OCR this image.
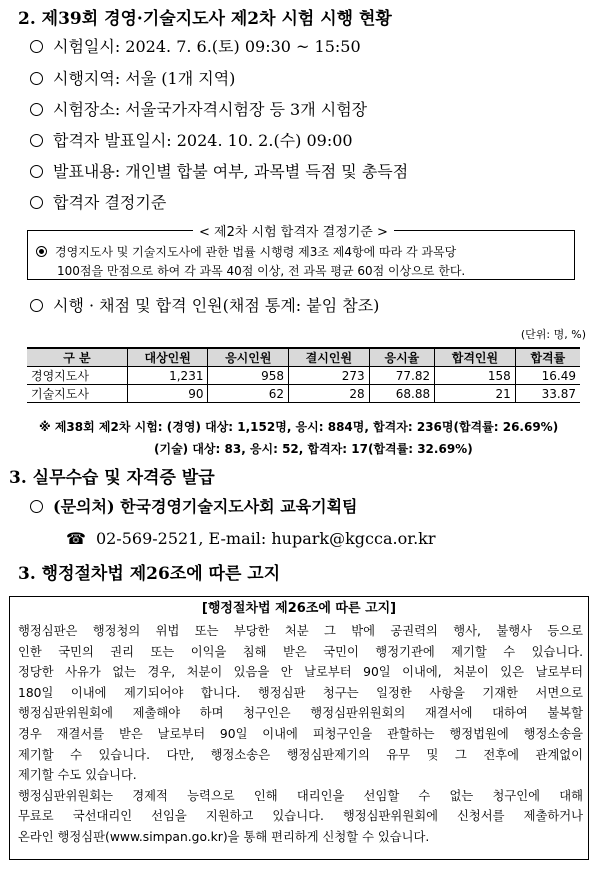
2. 제39회 경영·기술지도사 제2차 시험 시행 현황
시험일시: 2024. 7. 6.(토) 09:30 ~ 15:50
시행지역: 서울 (1개 지역)
시험장소: 서울국가자격시험장 등 3개 시험장
합격자 발표일시: 2024. 10. 2.(수) 09:00
발표내용: 개인별 합불 여부, 과목별 득점 및 총득점
합격자 결정기준
< 제2차 시험 합격자 결정기준 >

경영지도사 및 기술지도사에 관한 법률 시행령 제3조 제4항에 따라 각 과목당

100점을 만점으로 하여 각 과목 40점 이상, 전 과목 평균 60점 이상으로 한다.

시행 · 채점 및 합격 인원(채점 통계: 붙임 참조)
(단위: 명, %)
구 분	대상인원	응시인원	결시인원	응시율	합격인원	합격률
경영지도사	1,231	958	273	77.82	158	16.49
기술지도사	90	62	28	68.88	21	33.87
※ 제38회 제2차 시험: (경영) 대상: 1,152명, 응시: 884명, 합격자: 236명(합격률: 26.69%)
(기술) 대상: 83, 응시: 52, 합격자: 17(합격률: 32.69%)
3. 실무수습 및 자격증 발급
(문의처) 한국경영기술지도사회 교육기획팀
☎ 02-569-2521, E-mail: hupark@kgcca.or.kr
3. 행정절차법 제26조에 따른 고지
[행정절차법 제26조에 따른 고지]
행정심판은 행정청의 위법 또는 부당한 처분 그 밖에 공권력의 행사, 불행사 등으로
인한 국민의 권리 또는 이익을 침해 받은 국민이 행정기관에 제기할 수 있습니다.
정당한 사유가 없는 경우, 처분이 있음을 안 날로부터 90일 이내에, 처분이 있은 날로부터
180일 이내에 제기되어야 합니다. 행정심판 청구는 일정한 사항을 기재한 서면으로
행정심판위원회에 제출해야 하며 청구인은 행정심판위원회의 재결서에 대하여 불복할
경우 재결서를 받은 날로부터 90일 이내에 피청구인을 관할하는 행정법원에 행정소송을
제기할 수 있습니다. 다만, 행정소송은 행정심판제기의 유무 및 그 전후에 관계없이
제기할 수도 있습니다.
행정심판위원회는 경제적 능력으로 인해 대리인을 선임할 수 없는 청구인에 대해
무료로 국선대리인 선임을 지원하고 있습니다. 행정심판위원회에 신청서를 제출하거나
온라인 행정심판(www.simpan.go.kr)을 통해 편리하게 신청할 수 있습니다.
